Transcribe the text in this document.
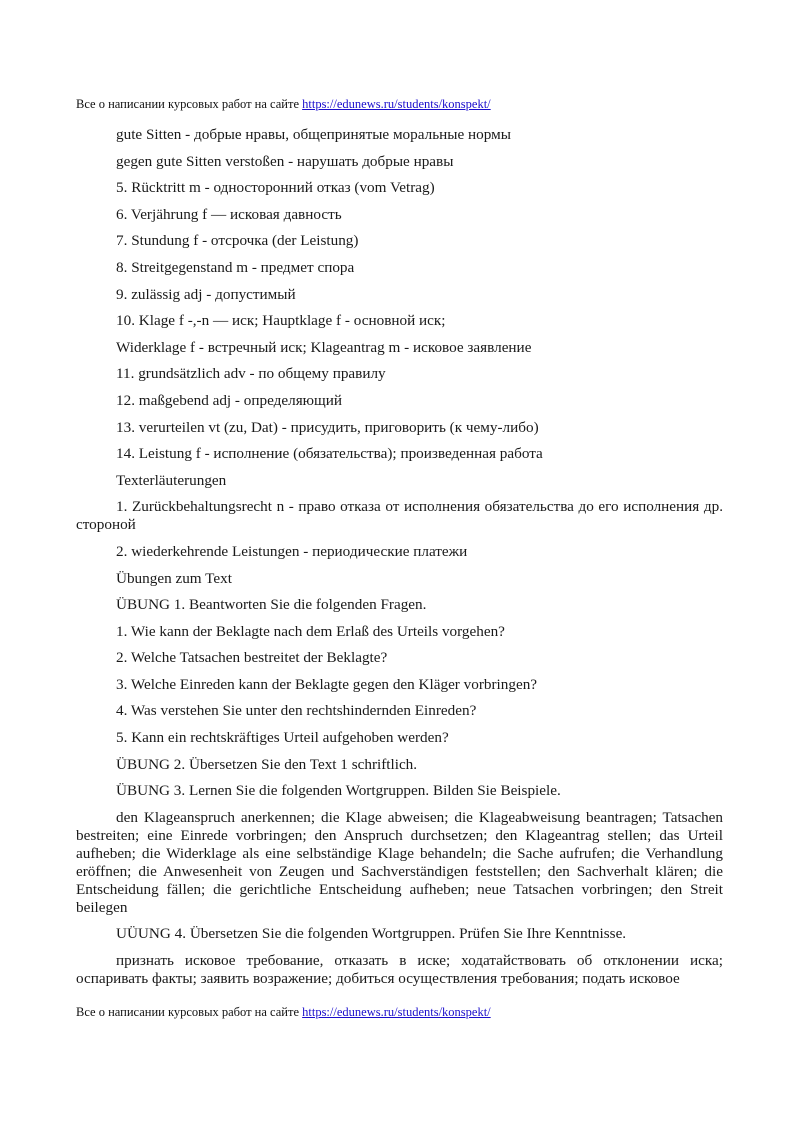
Все о написании курсовых работ на сайте https://edunews.ru/students/konspekt/

gute Sitten - добрые нравы, общепринятые моральные нормы

gegen gute Sitten verstoßen - нарушать добрые нравы

5. Rücktritt m - односторонний отказ (vom Vetrag)

6. Verjährung f — исковая давность

7. Stundung f - отсрочка (der Leistung)

8. Streitgegenstand m - предмет спора

9. zulässig adj - допустимый

10. Klage f -,-n — иск; Hauptklage f - основной иск;

Widerklage f - встречный иск; Klageantrag m - исковое заявление

11. grundsätzlich adv - по общему правилу

12. maßgebend adj - определяющий

13. verurteilen vt (zu, Dat) - присудить, приговорить (к чему-либо)

14. Leistung f - исполнение (обязательства); произведенная работа

Texterläuterungen

1. Zurückbehaltungsrecht n - право отказа от исполнения обязательства до его исполнения др. стороной

2. wiederkehrende Leistungen - периодические платежи

Übungen zum Text

ÜBUNG 1. Beantworten Sie die folgenden Fragen.

1. Wie kann der Beklagte nach dem Erlaß des Urteils vorgehen?

2. Welche Tatsachen bestreitet der Beklagte?

3. Welche Einreden kann der Beklagte gegen den Kläger vorbringen?

4. Was verstehen Sie unter den rechtshindernden Einreden?

5. Kann ein rechtskräftiges Urteil aufgehoben werden?

ÜBUNG 2. Übersetzen Sie den Text 1 schriftlich.

ÜBUNG 3. Lernen Sie die folgenden Wortgruppen. Bilden Sie Beispiele.

den Klageanspruch anerkennen; die Klage abweisen; die Klageabweisung beantragen; Tatsachen bestreiten; eine Einrede vorbringen; den Anspruch durchsetzen; den Klageantrag stellen; das Urteil aufheben; die Widerklage als eine selbständige Klage behandeln; die Sache aufrufen; die Verhandlung eröffnen; die Anwesenheit von Zeugen und Sachverständigen feststellen; den Sachverhalt klären; die Entscheidung fällen; die gerichtliche Entscheidung aufheben; neue Tatsachen vorbringen; den Streit beilegen

UÜUNG 4. Übersetzen Sie die folgenden Wortgruppen. Prüfen Sie Ihre Kenntnisse.

признать исковое требование, отказать в иске; ходатайствовать об отклонении иска; оспаривать факты; заявить возражение; добиться осуществления требования; подать исковое

Все о написании курсовых работ на сайте https://edunews.ru/students/konspekt/
